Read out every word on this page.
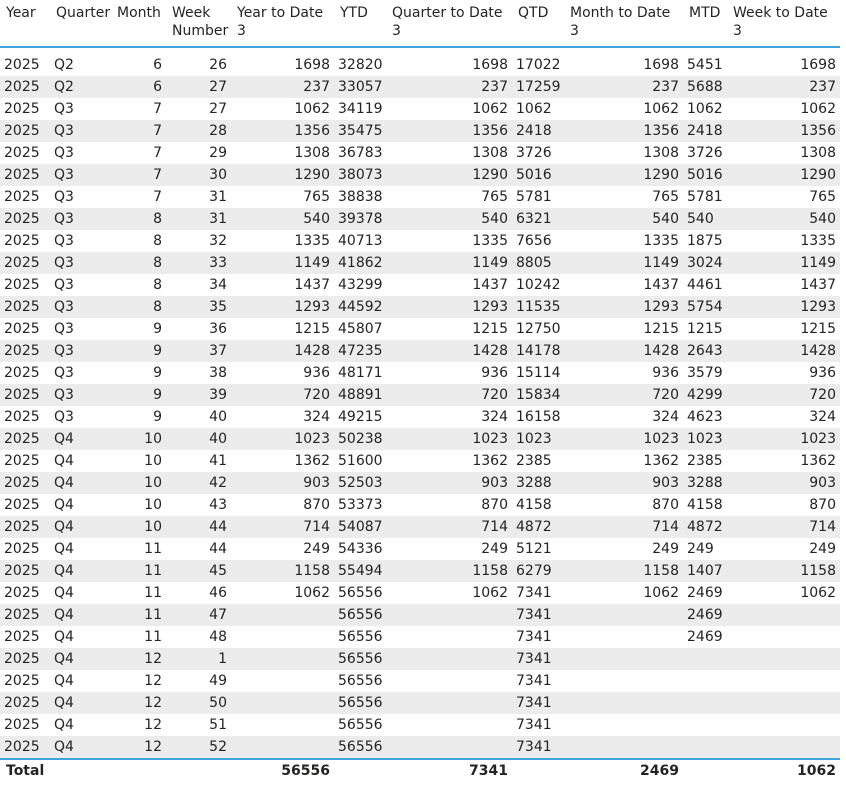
Year	Quarter	Month	Week Number	Year to Date 3	YTD	Quarter to Date 3	QTD	Month to Date 3	MTD	Week to Date 3

2025	Q2	6	26	1698	32820	1698	17022	1698	5451	1698
2025	Q2	6	27	237	33057	237	17259	237	5688	237
2025	Q3	7	27	1062	34119	1062	1062	1062	1062	1062
2025	Q3	7	28	1356	35475	1356	2418	1356	2418	1356
2025	Q3	7	29	1308	36783	1308	3726	1308	3726	1308
2025	Q3	7	30	1290	38073	1290	5016	1290	5016	1290
2025	Q3	7	31	765	38838	765	5781	765	5781	765
2025	Q3	8	31	540	39378	540	6321	540	540	540
2025	Q3	8	32	1335	40713	1335	7656	1335	1875	1335
2025	Q3	8	33	1149	41862	1149	8805	1149	3024	1149
2025	Q3	8	34	1437	43299	1437	10242	1437	4461	1437
2025	Q3	8	35	1293	44592	1293	11535	1293	5754	1293
2025	Q3	9	36	1215	45807	1215	12750	1215	1215	1215
2025	Q3	9	37	1428	47235	1428	14178	1428	2643	1428
2025	Q3	9	38	936	48171	936	15114	936	3579	936
2025	Q3	9	39	720	48891	720	15834	720	4299	720
2025	Q3	9	40	324	49215	324	16158	324	4623	324
2025	Q4	10	40	1023	50238	1023	1023	1023	1023	1023
2025	Q4	10	41	1362	51600	1362	2385	1362	2385	1362
2025	Q4	10	42	903	52503	903	3288	903	3288	903
2025	Q4	10	43	870	53373	870	4158	870	4158	870
2025	Q4	10	44	714	54087	714	4872	714	4872	714
2025	Q4	11	44	249	54336	249	5121	249	249	249
2025	Q4	11	45	1158	55494	1158	6279	1158	1407	1158
2025	Q4	11	46	1062	56556	1062	7341	1062	2469	1062
2025	Q4	11	47		56556		7341		2469	
2025	Q4	11	48		56556		7341		2469	
2025	Q4	12	1		56556		7341			
2025	Q4	12	49		56556		7341			
2025	Q4	12	50		56556		7341			
2025	Q4	12	51		56556		7341			
2025	Q4	12	52		56556		7341			
Total				56556		7341		2469		1062
